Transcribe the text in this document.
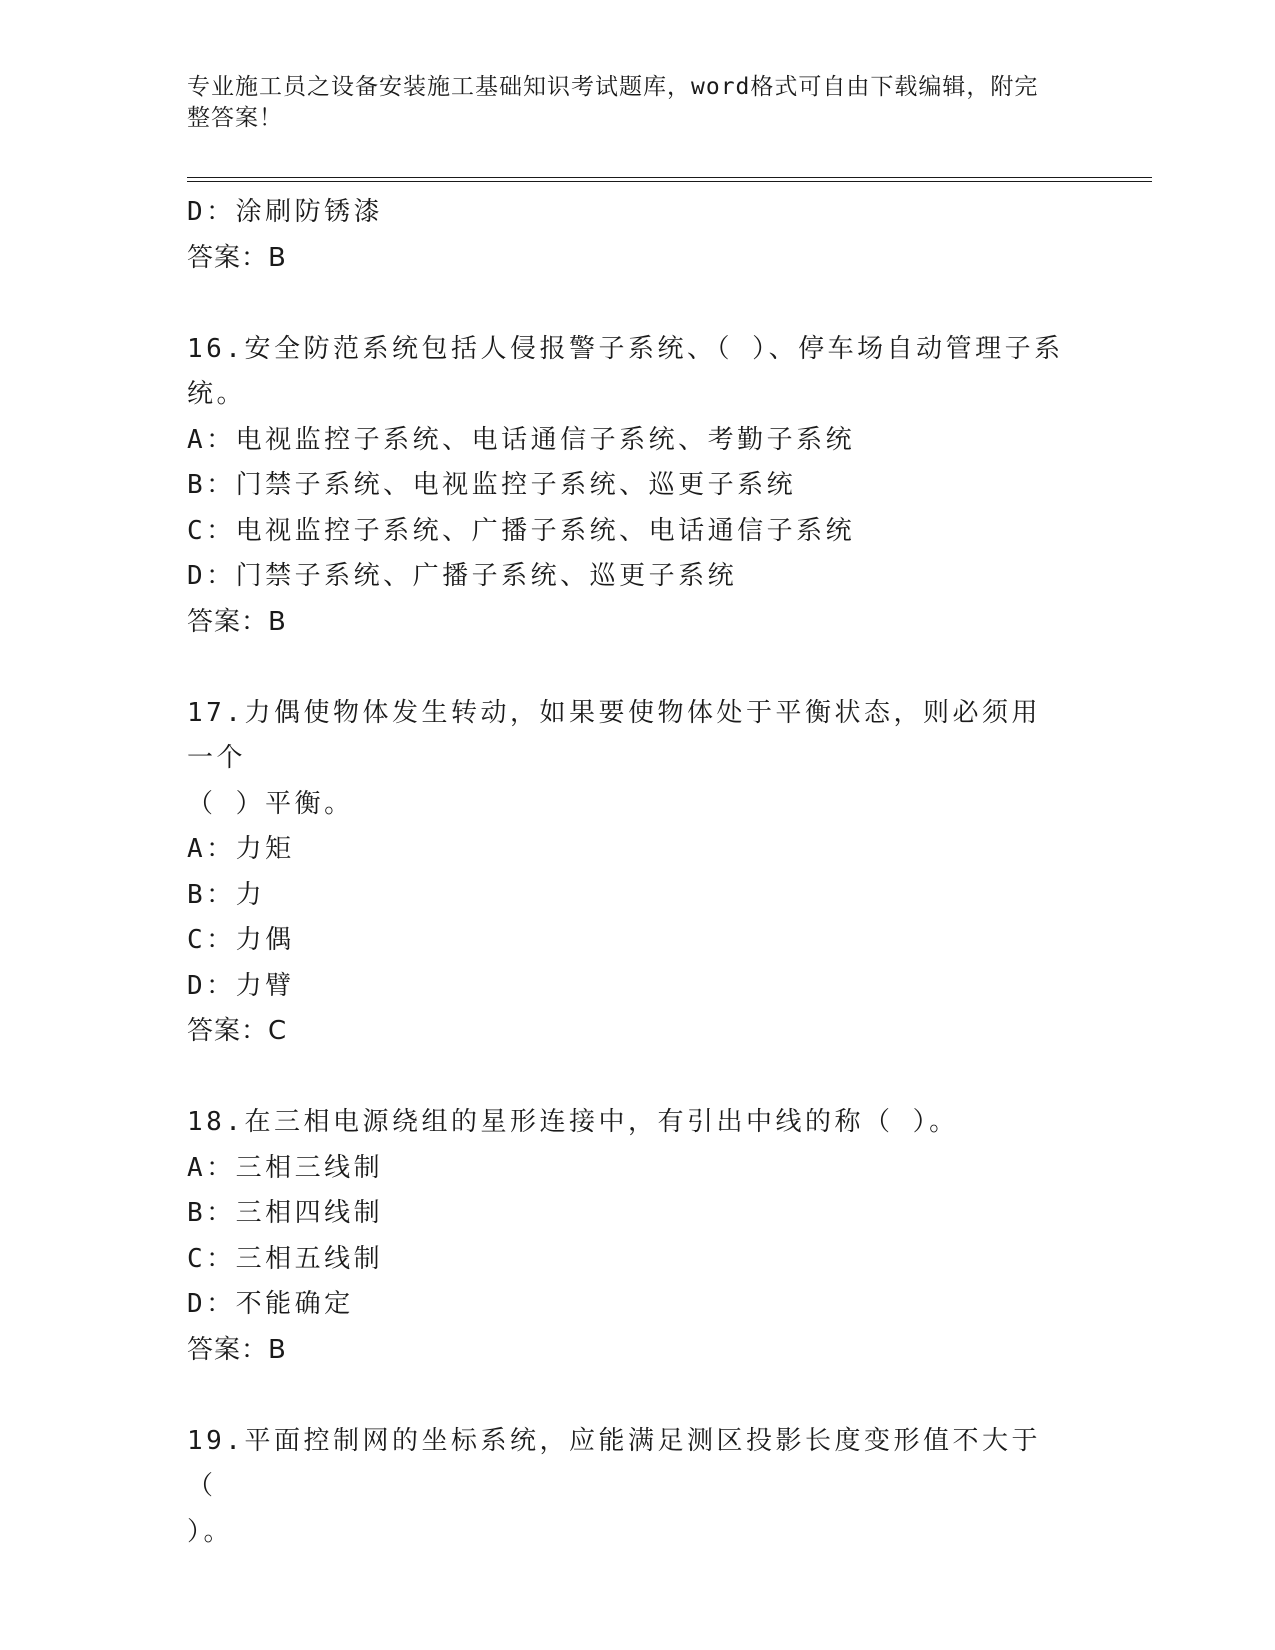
专业施工员之设备安装施工基础知识考试题库，word格式可自由下载编辑，附完
整答案！
D：涂刷防锈漆
答案：B
16.安全防范系统包括人侵报警子系统、（ ）、停车场自动管理子系
统。
A：电视监控子系统、电话通信子系统、考勤子系统
B：门禁子系统、电视监控子系统、巡更子系统
C：电视监控子系统、广播子系统、电话通信子系统
D：门禁子系统、广播子系统、巡更子系统
答案：B
17.力偶使物体发生转动，如果要使物体处于平衡状态，则必须用一个
（ ）平衡。
A：力矩
B：力
C：力偶
D：力臂
答案：C
18.在三相电源绕组的星形连接中，有引出中线的称（ ）。
A：三相三线制
B：三相四线制
C：三相五线制
D：不能确定
答案：B
19.平面控制网的坐标系统，应能满足测区投影长度变形值不大于（
）。
